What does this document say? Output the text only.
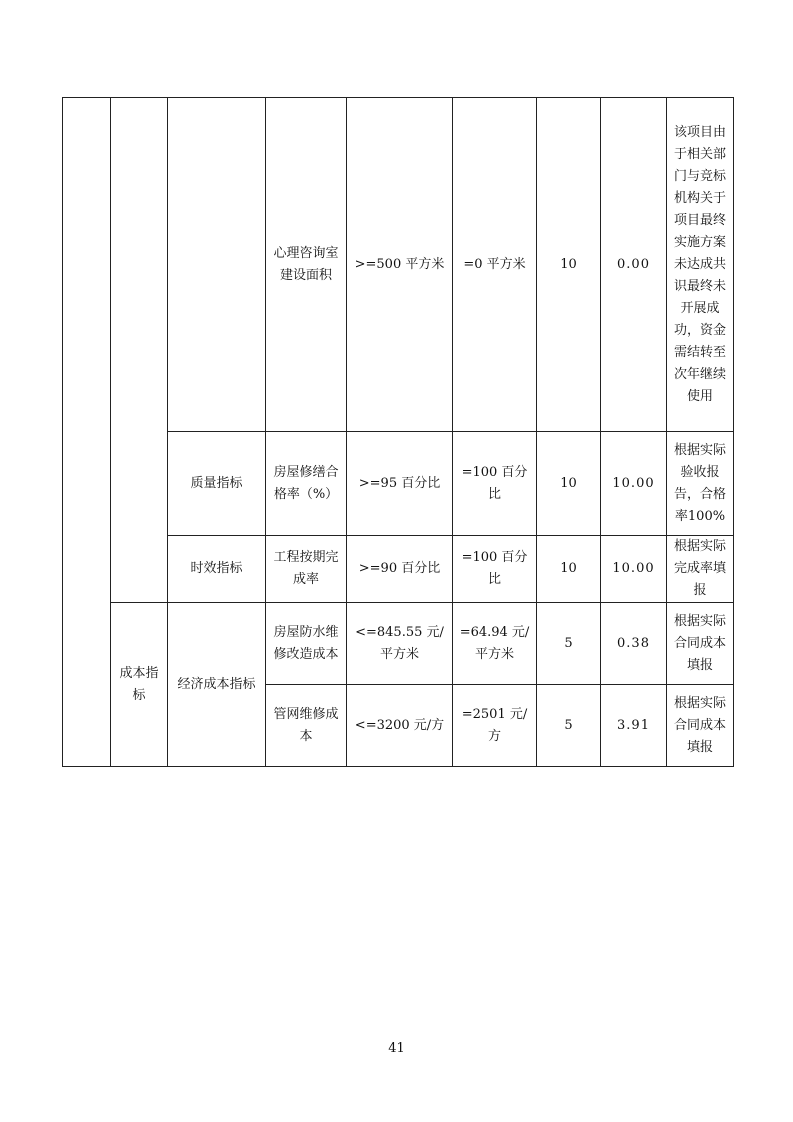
			心理咨询室建设面积	>=500 平方米	=0 平方米	10	0.00	该项目由于相关部门与竞标机构关于项目最终实施方案未达成共识最终未开展成功，资金需结转至次年继续使用
		质量指标	房屋修缮合格率（%）	>=95 百分比	=100 百分比	10	10.00	根据实际验收报告，合格率100%
		时效指标	工程按期完成率	>=90 百分比	=100 百分比	10	10.00	根据实际完成率填报
	成本指标	经济成本指标	房屋防水维修改造成本	<=845.55 元/平方米	=64.94 元/平方米	5	0.38	根据实际合同成本填报
			管网维修成本	<=3200 元/方	=2501 元/方	5	3.91	根据实际合同成本填报
41
